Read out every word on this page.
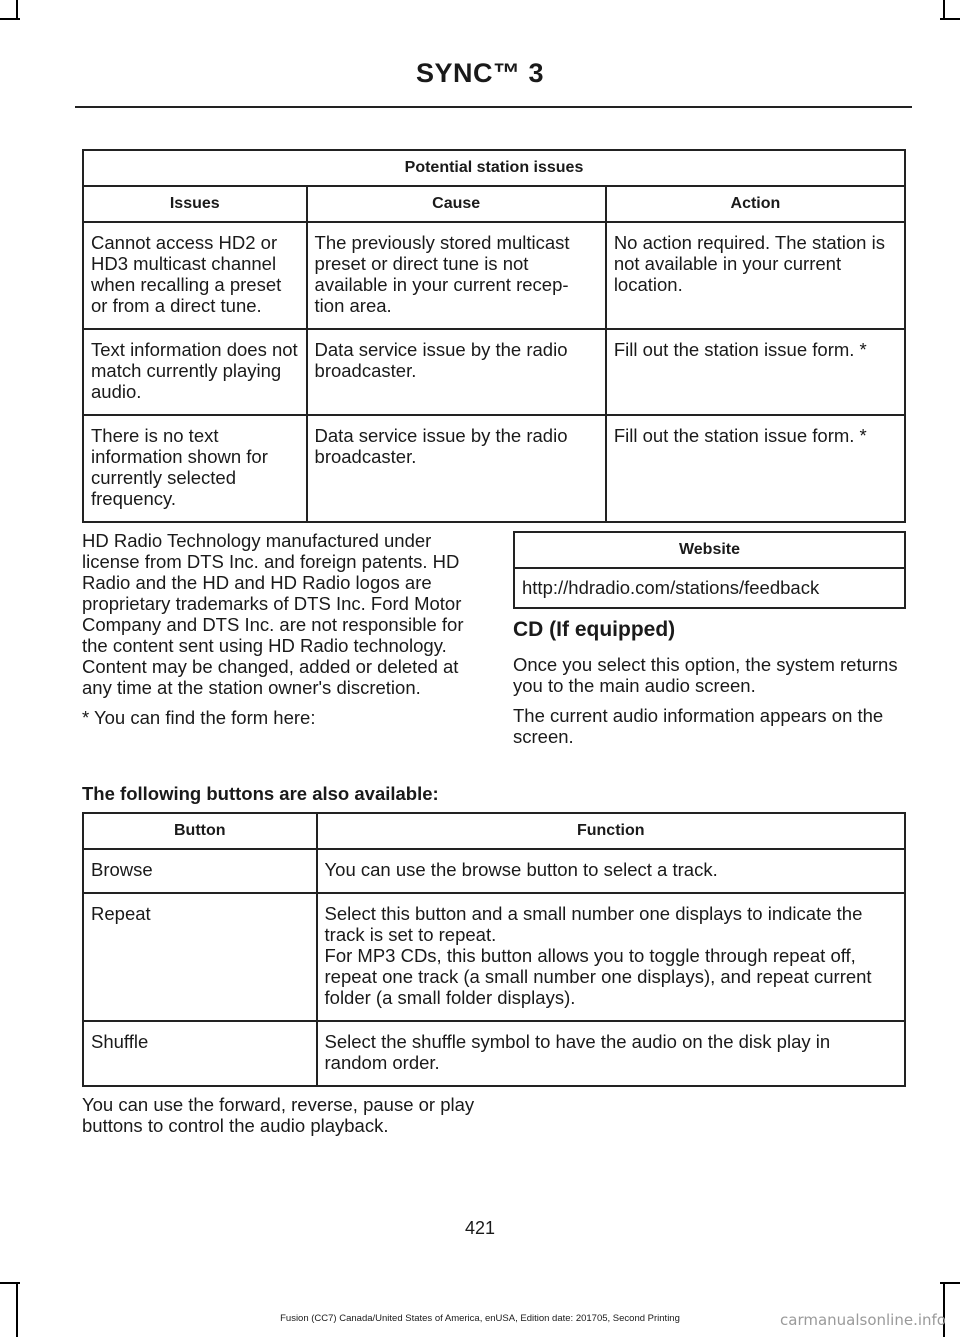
SYNC™ 3
Potential station issues		
Issues	Cause	Action
Cannot access HD2 or HD3 multicast channel when recalling a preset or from a direct tune.	The previously stored multicast preset or direct tune is not available in your current recep-tion area.	No action required. The station is not available in your current location.
Text information does not match currently playing audio.	Data service issue by the radio broadcaster.	Fill out the station issue form. *
There is no text information shown for currently selected frequency.	Data service issue by the radio broadcaster.	Fill out the station issue form. *

HD Radio Technology manufactured under license from DTS Inc. and foreign patents. HD Radio and the HD and HD Radio logos are proprietary trademarks of DTS Inc. Ford Motor Company and DTS Inc. are not responsible for the content sent using HD Radio technology. Content may be changed, added or deleted at any time at the station owner's discretion.

* You can find the form here:

Website
http://hdradio.com/stations/feedback
CD (If equipped)

Once you select this option, the system returns you to the main audio screen.

The current audio information appears on the screen.

The following buttons are also available:
Button	Function
Browse	You can use the browse button to select a track.
Repeat	Select this button and a small number one displays to indicate the track is set to repeat.
For MP3 CDs, this button allows you to toggle through repeat off, repeat one track (a small number one displays), and repeat current folder (a small folder displays).

Shuffle	Select the shuffle symbol to have the audio on the disk play in random order.
You can use the forward, reverse, pause or play buttons to control the audio playback.
421
Fusion (CC7) Canada/United States of America, enUSA, Edition date: 201705, Second Printing	carmanualsonline.info
